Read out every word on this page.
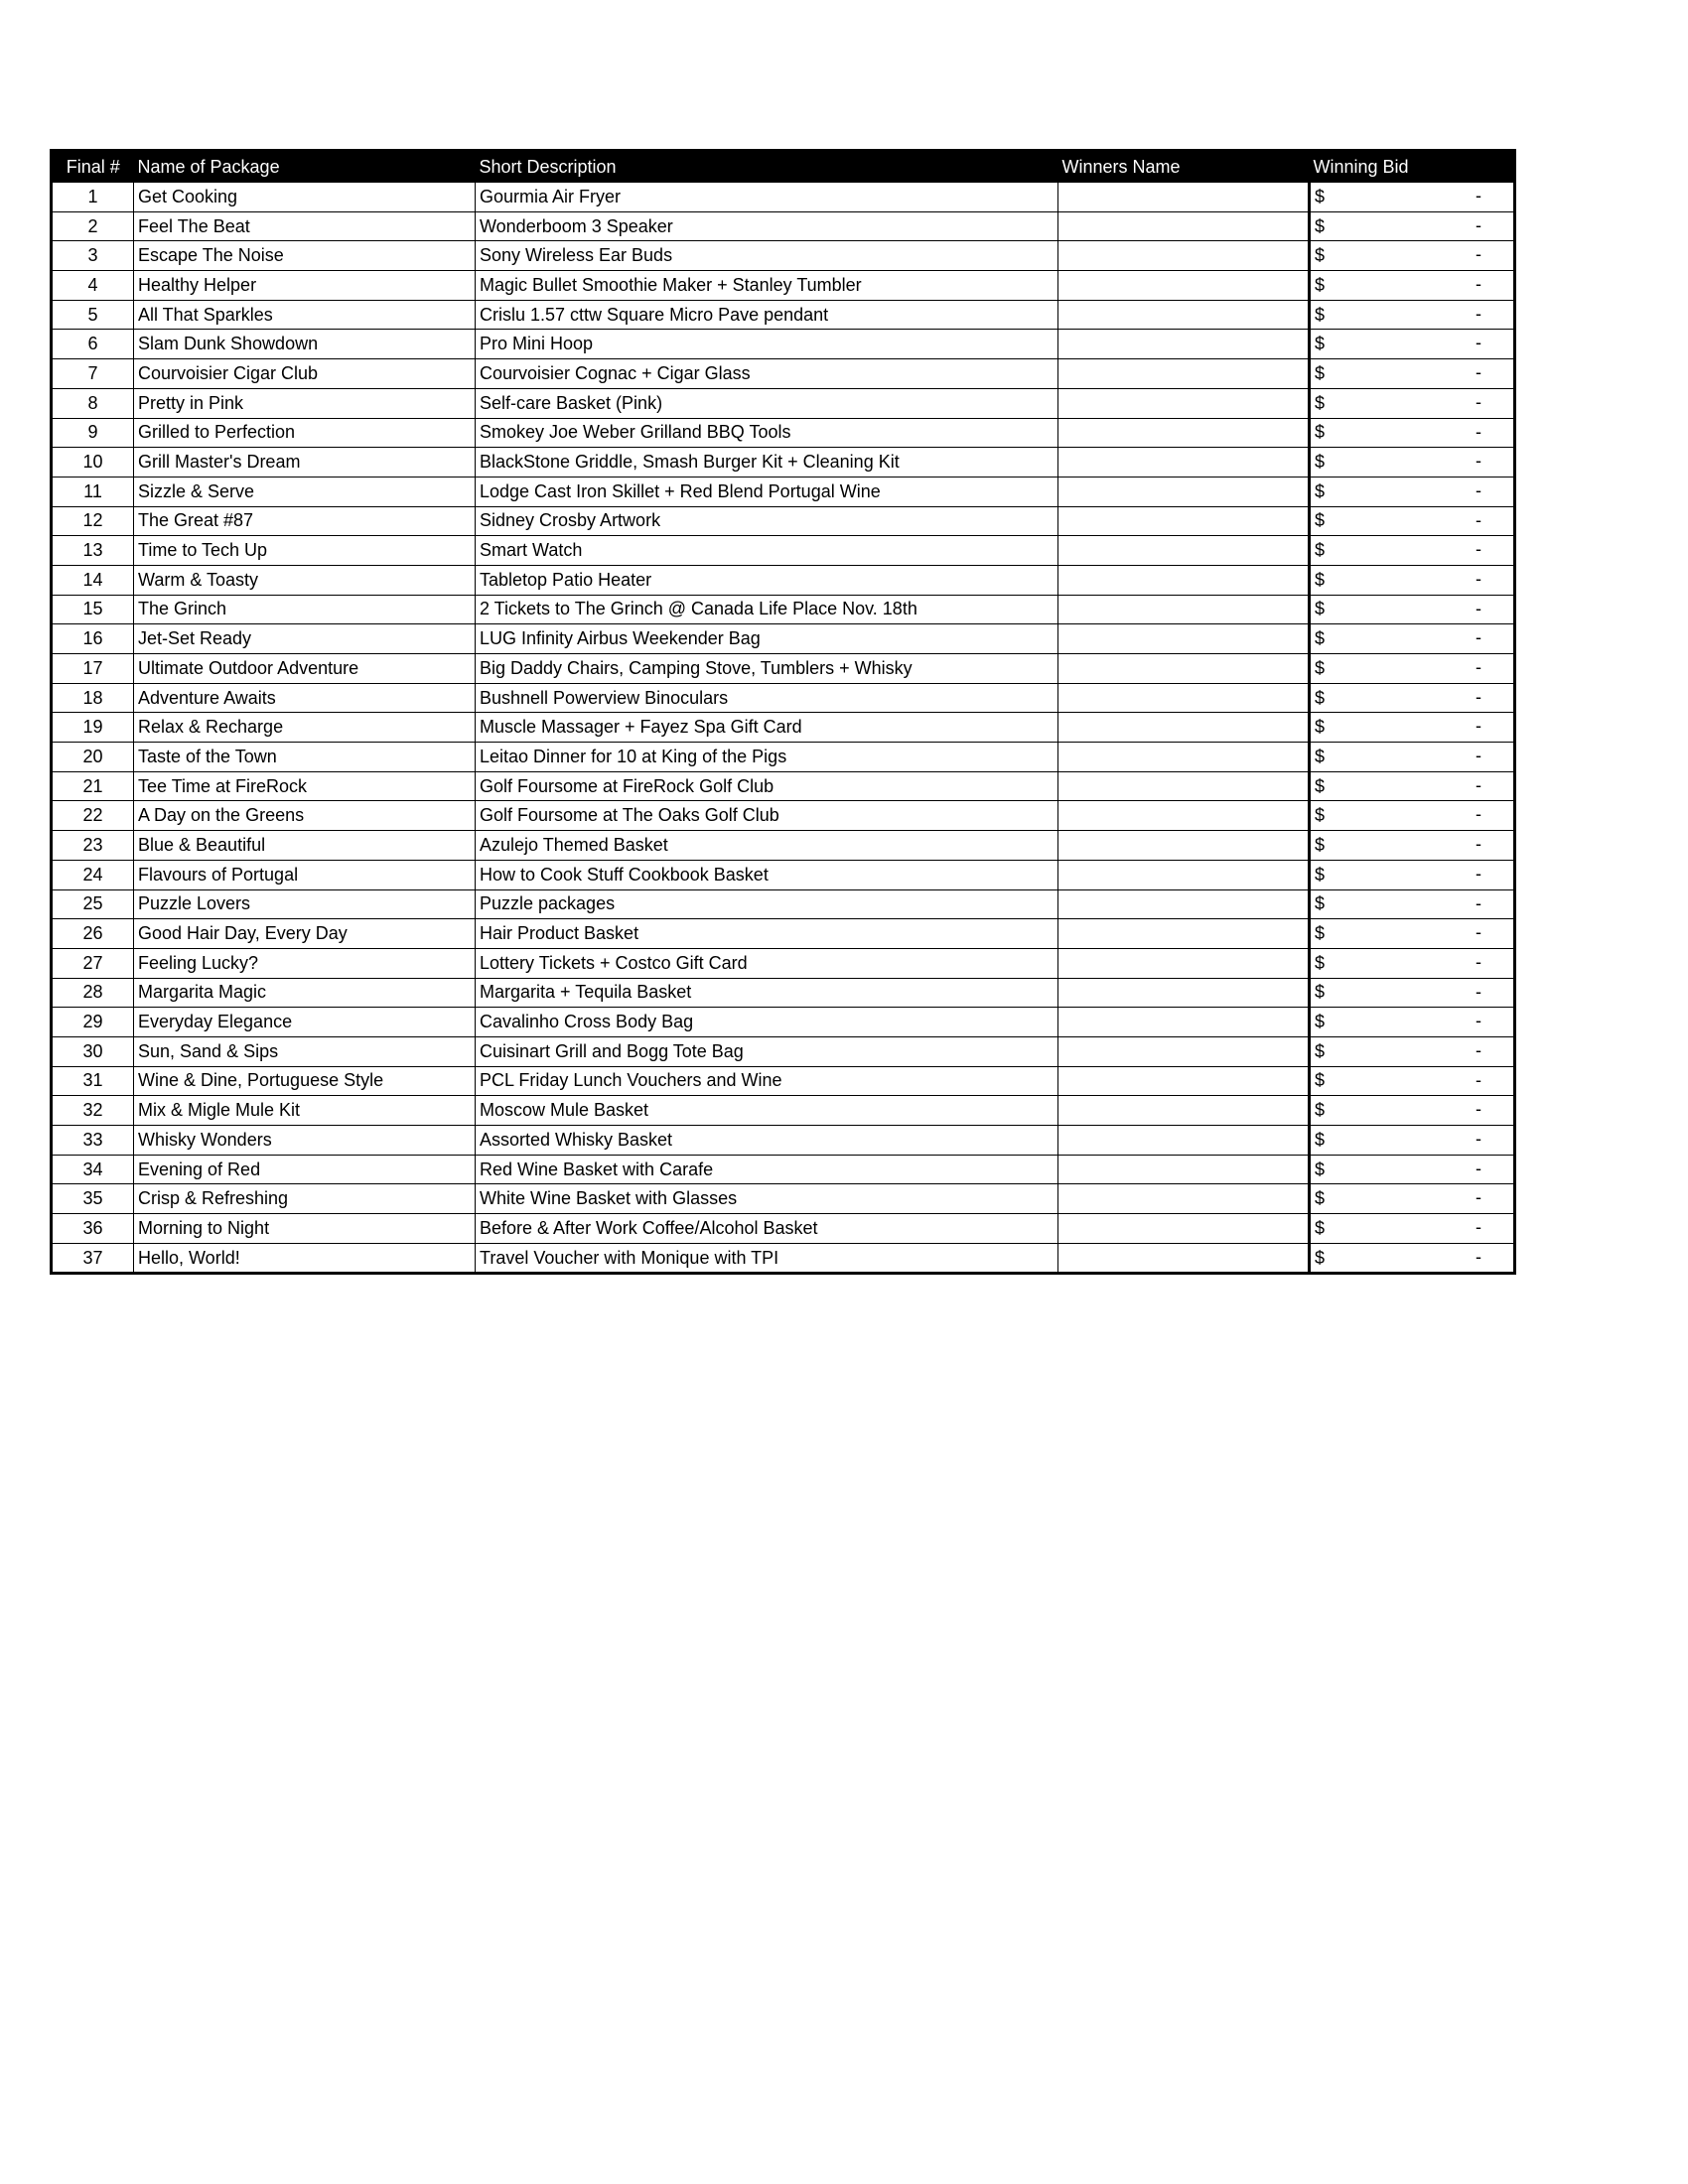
Final #	Name of Package	Short Description	Winners Name	Winning Bid
1	Get Cooking	Gourmia Air Fryer		$ -

2	Feel The Beat	Wonderboom 3 Speaker		$ -

3	Escape The Noise	Sony Wireless Ear Buds		$ -

4	Healthy Helper	Magic Bullet Smoothie Maker + Stanley Tumbler		$ -

5	All That Sparkles	Crislu 1.57 cttw Square Micro Pave pendant		$ -

6	Slam Dunk Showdown	Pro Mini Hoop		$ -

7	Courvoisier Cigar Club	Courvoisier Cognac + Cigar Glass		$ -

8	Pretty in Pink	Self-care Basket (Pink)		$ -

9	Grilled to Perfection	Smokey Joe Weber Grilland BBQ Tools		$ -

10	Grill Master's Dream	BlackStone Griddle, Smash Burger Kit + Cleaning Kit		$ -

11	Sizzle & Serve	Lodge Cast Iron Skillet + Red Blend Portugal Wine		$ -

12	The Great #87	Sidney Crosby Artwork		$ -

13	Time to Tech Up	Smart Watch		$ -

14	Warm & Toasty	Tabletop Patio Heater		$ -

15	The Grinch	2 Tickets to The Grinch @ Canada Life Place Nov. 18th		$ -

16	Jet-Set Ready	LUG Infinity Airbus Weekender Bag		$ -

17	Ultimate Outdoor Adventure	Big Daddy Chairs, Camping Stove, Tumblers + Whisky		$ -

18	Adventure Awaits	Bushnell Powerview Binoculars		$ -

19	Relax & Recharge	Muscle Massager + Fayez Spa Gift Card		$ -

20	Taste of the Town	Leitao Dinner for 10 at King of the Pigs		$ -

21	Tee Time at FireRock	Golf Foursome at FireRock Golf Club		$ -

22	A Day on the Greens	Golf Foursome at The Oaks Golf Club		$ -

23	Blue & Beautiful	Azulejo Themed Basket		$ -

24	Flavours of Portugal	How to Cook Stuff Cookbook Basket		$ -

25	Puzzle Lovers	Puzzle packages		$ -

26	Good Hair Day, Every Day	Hair Product Basket		$ -

27	Feeling Lucky?	Lottery Tickets + Costco Gift Card		$ -

28	Margarita Magic	Margarita + Tequila Basket		$ -

29	Everyday Elegance	Cavalinho Cross Body Bag		$ -

30	Sun, Sand & Sips	Cuisinart Grill and Bogg Tote Bag		$ -

31	Wine & Dine, Portuguese Style	PCL Friday Lunch Vouchers and Wine		$ -

32	Mix & Migle Mule Kit	Moscow Mule Basket		$ -

33	Whisky Wonders	Assorted Whisky Basket		$ -

34	Evening of Red	Red Wine Basket with Carafe		$ -

35	Crisp & Refreshing	White Wine Basket with Glasses		$ -

36	Morning to Night	Before & After Work Coffee/Alcohol Basket		$ -

37	Hello, World!	Travel Voucher with Monique with TPI		$ -
